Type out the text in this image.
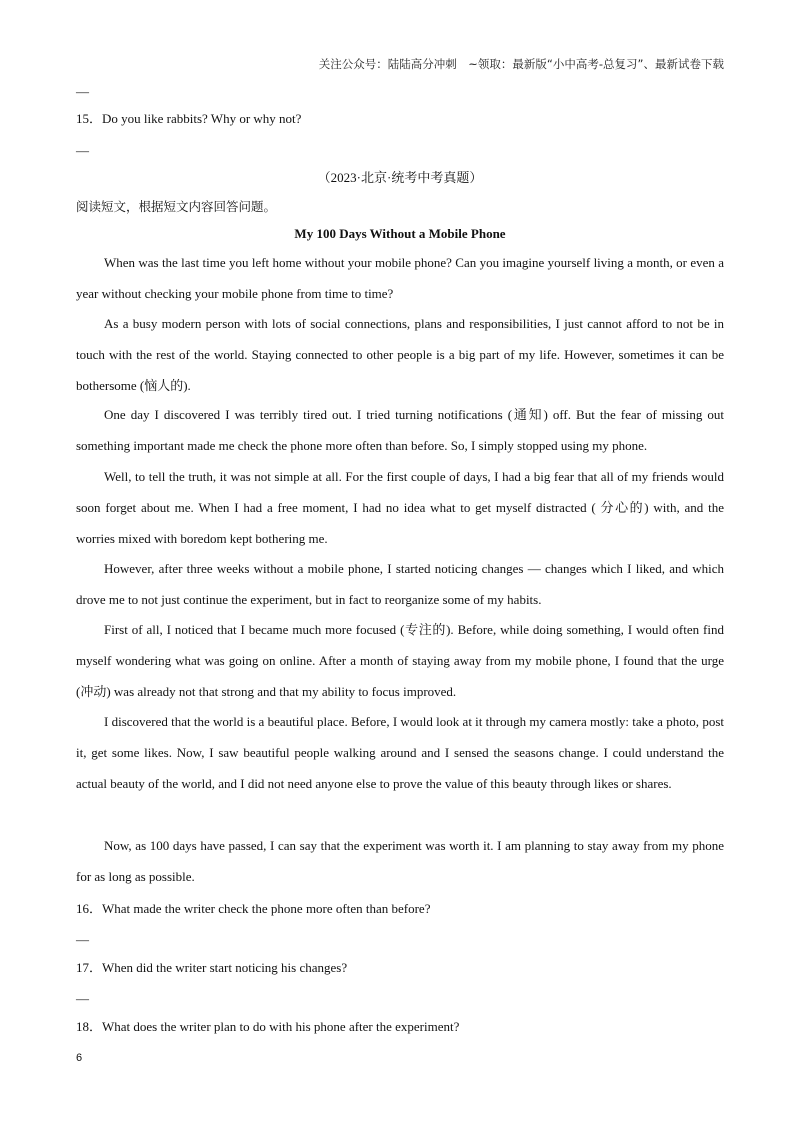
关注公众号：陆陆高分冲刺　~领取：最新版“小中高考-总复习”、最新试卷下载
—
15．Do you like rabbits? Why or why not?
—
（2023·北京·统考中考真题）
阅读短文，根据短文内容回答问题。
My 100 Days Without a Mobile Phone

When was the last time you left home without your mobile phone? Can you imagine yourself living a month, or even a year without checking your mobile phone from time to time?

As a busy modern person with lots of social connections, plans and responsibilities, I just cannot afford to not be in touch with the rest of the world. Staying connected to other people is a big part of my life. However, sometimes it can be bothersome (恼人的).

One day I discovered I was terribly tired out. I tried turning notifications (通知) off. But the fear of missing out something important made me check the phone more often than before. So, I simply stopped using my phone.

Well, to tell the truth, it was not simple at all. For the first couple of days, I had a big fear that all of my friends would soon forget about me. When I had a free moment, I had no idea what to get myself distracted ( 分心的) with, and the worries mixed with boredom kept bothering me.

However, after three weeks without a mobile phone, I started noticing changes — changes which I liked, and which drove me to not just continue the experiment, but in fact to reorganize some of my habits.

First of all, I noticed that I became much more focused (专注的). Before, while doing something, I would often find myself wondering what was going on online. After a month of staying away from my mobile phone, I found that the urge (冲动) was already not that strong and that my ability to focus improved.

I discovered that the world is a beautiful place. Before, I would look at it through my camera mostly: take a photo, post it, get some likes. Now, I saw beautiful people walking around and I sensed the seasons change. I could understand the actual beauty of the world, and I did not need anyone else to prove the value of this beauty through likes or shares.

Now, as 100 days have passed, I can say that the experiment was worth it. I am planning to stay away from my phone for as long as possible.

16．What made the writer check the phone more often than before?
—
17．When did the writer start noticing his changes?
—
18．What does the writer plan to do with his phone after the experiment?
6
